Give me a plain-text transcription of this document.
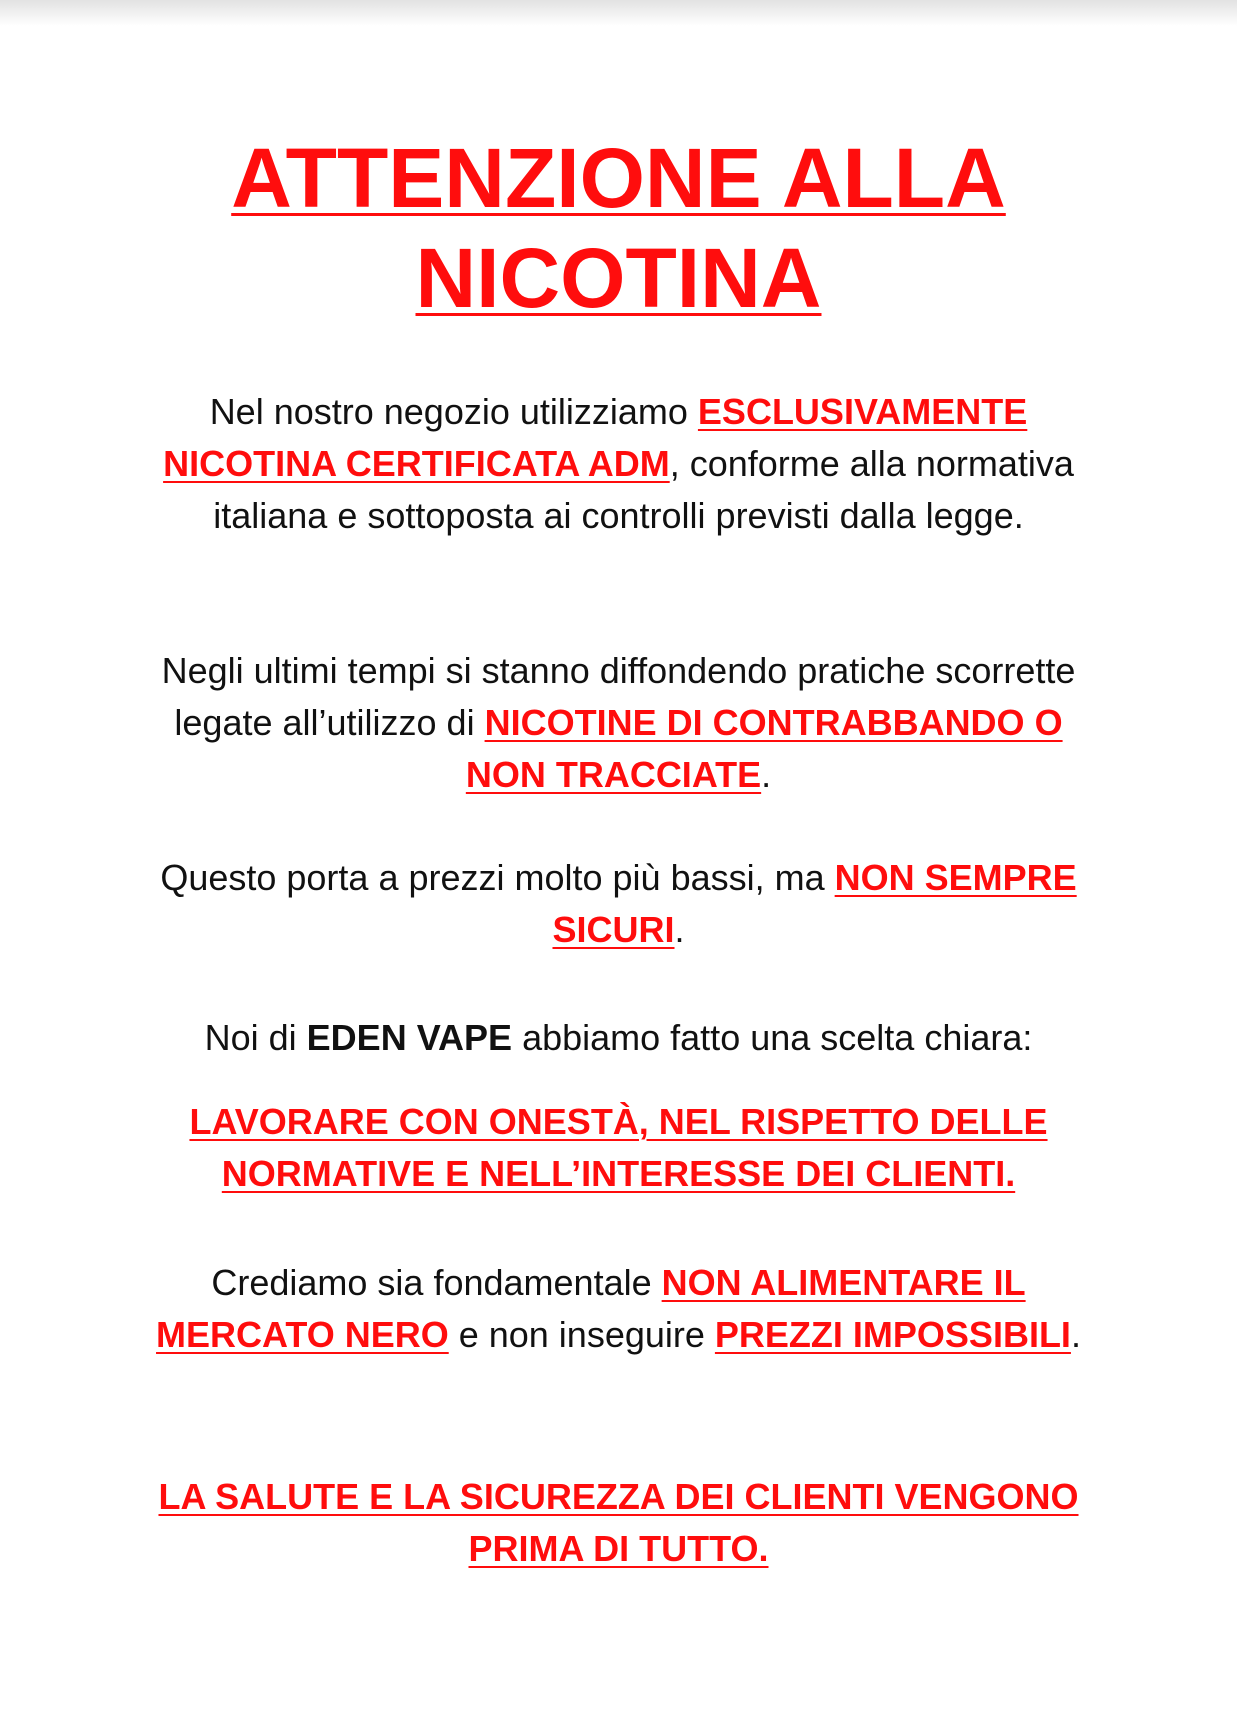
ATTENZIONE ALLA
NICOTINA

Nel nostro negozio utilizziamo ESCLUSIVAMENTE NICOTINA CERTIFICATA ADM, conforme alla normativa italiana e sottoposta ai controlli previsti dalla legge.

Negli ultimi tempi si stanno diffondendo pratiche scorrette legate all’utilizzo di NICOTINE DI CONTRABBANDO O NON TRACCIATE.

Questo porta a prezzi molto più bassi, ma NON SEMPRE SICURI.

Noi di EDEN VAPE abbiamo fatto una scelta chiara:

LAVORARE CON ONESTÀ, NEL RISPETTO DELLE NORMATIVE E NELL’INTERESSE DEI CLIENTI.

Crediamo sia fondamentale NON ALIMENTARE IL MERCATO NERO e non inseguire PREZZI IMPOSSIBILI.

LA SALUTE E LA SICUREZZA DEI CLIENTI VENGONO PRIMA DI TUTTO.
